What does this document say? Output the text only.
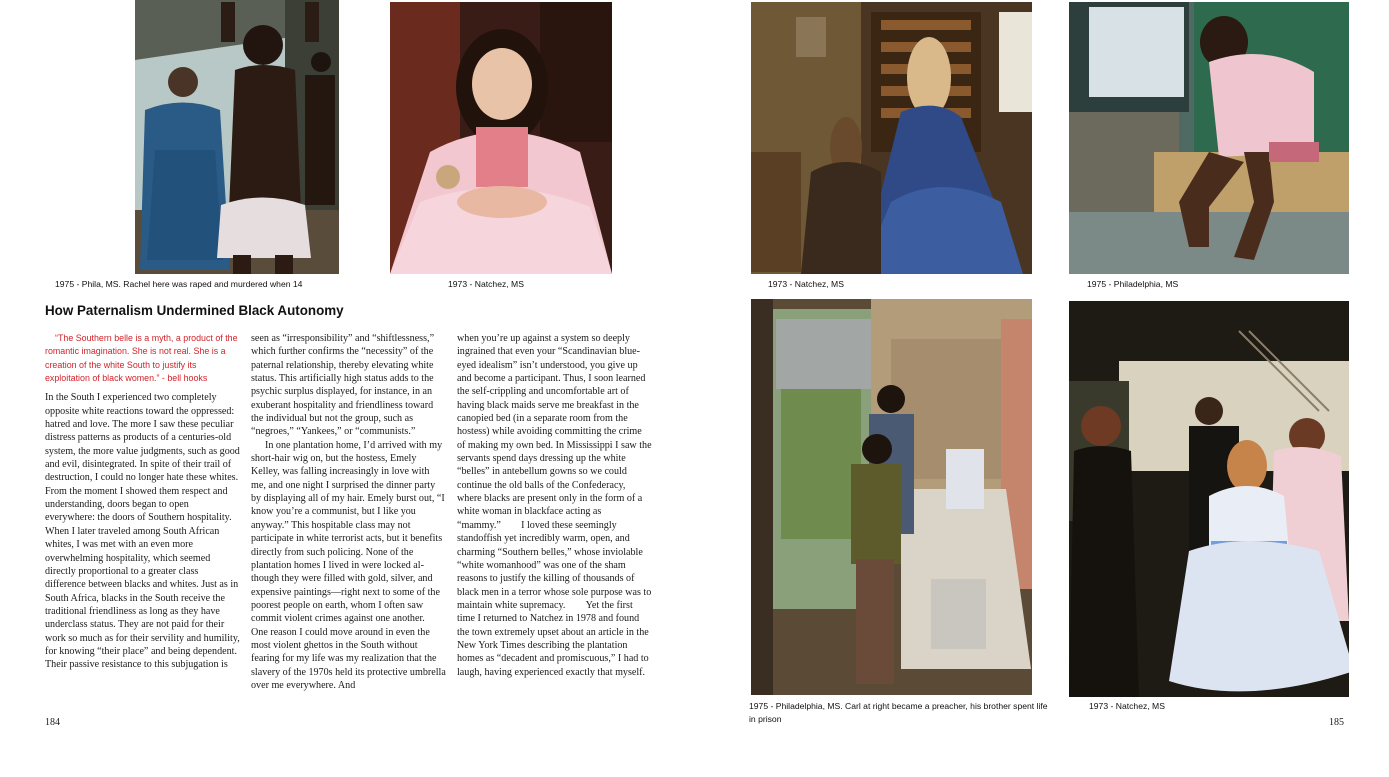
1975 - Phila, MS. Rachel here was raped and murdered when 14	1973 - Natchez, MS
How Paternalism Undermined Black Autonomy

“The Southern belle is a myth, a product of the romantic imagination. She is not real. She is a creation of the white South to justify its exploitation of black women.” - bell hooks

In the South I experienced two completely opposite white reactions toward the oppressed: hatred and love. The more I saw these peculiar distress patterns as products of a centuries-old system, the more value judgments, such as good and evil, disintegrated. In spite of their trail of destruction, I could no longer hate these whites. From the moment I showed them respect and understanding, doors began to open everywhere: the doors of Southern hospitality. When I later traveled among South African whites, I was met with an even more overwhelming hospitality, which seemed directly proportional to a greater class difference between blacks and whites. Just as in South Africa, blacks in the South receive the traditional friendliness as long as they have underclass status. They are not paid for their work so much as for their servility and humility, for knowing “their place” and being dependent. Their passive resistance to this subjugation is

seen as “irresponsibility” and “shiftlessness,” which further confirms the “necessity” of the paternal relationship, thereby elevating white status. This artificially high status adds to the psychic surplus displayed, for instance, in an exuberant hospitality and friendliness toward the individual but not the group, such as “negroes,” “Yankees,” or “communists.”

In one plantation home, I’d arrived with my short-hair wig on, but the hostess, Emely Kelley, was falling increasingly in love with me, and one night I surprised the dinner party by displaying all of my hair. Emely burst out, “I know you’re a communist, but I like you anyway.” This hospitable class may not participate in white terrorist acts, but it benefits directly from such policing. None of the plantation homes I lived in were locked although they were filled with gold, silver, and expensive paintings—right next to some of the poorest people on earth, whom I often saw commit violent crimes against one another.  One reason I could move around in even the most violent ghettos in the South without fearing for my life was my realization that the slavery of the 1970s held its protective umbrella over me everywhere. And

when you’re up against a system so deeply ingrained that even your “Scandinavian blue-eyed idealism” isn’t understood, you give up and become a participant. Thus, I soon learned the self-crippling and uncomfortable art of having black maids serve me breakfast in the canopied bed (in a separate room from the hostess) while avoiding committing the crime of making my own bed. In Mississippi I saw the servants spend days dressing up the white “belles” in antebellum gowns so we could continue the old balls of the Confederacy, where blacks are present only in the form of a white woman in blackface acting as “mammy.”  I loved these seemingly standoffish yet incredibly warm, open, and charming “Southern belles,” whose inviolable “white womanhood” was one of the sham reasons to justify the killing of thousands of black men in a terror whose sole purpose was to maintain white supremacy.  Yet the first time I returned to Natchez in 1978 and found the town extremely upset about an article in the New York Times describing the plantation homes as “decadent and promiscuous,” I had to laugh, having experienced exactly that myself.

184
1973 - Natchez, MS	1975 - Philadelphia, MS
1975 - Philadelphia, MS. Carl at right became a preacher, his brother spent life in prison
1973 - Natchez, MS
185
